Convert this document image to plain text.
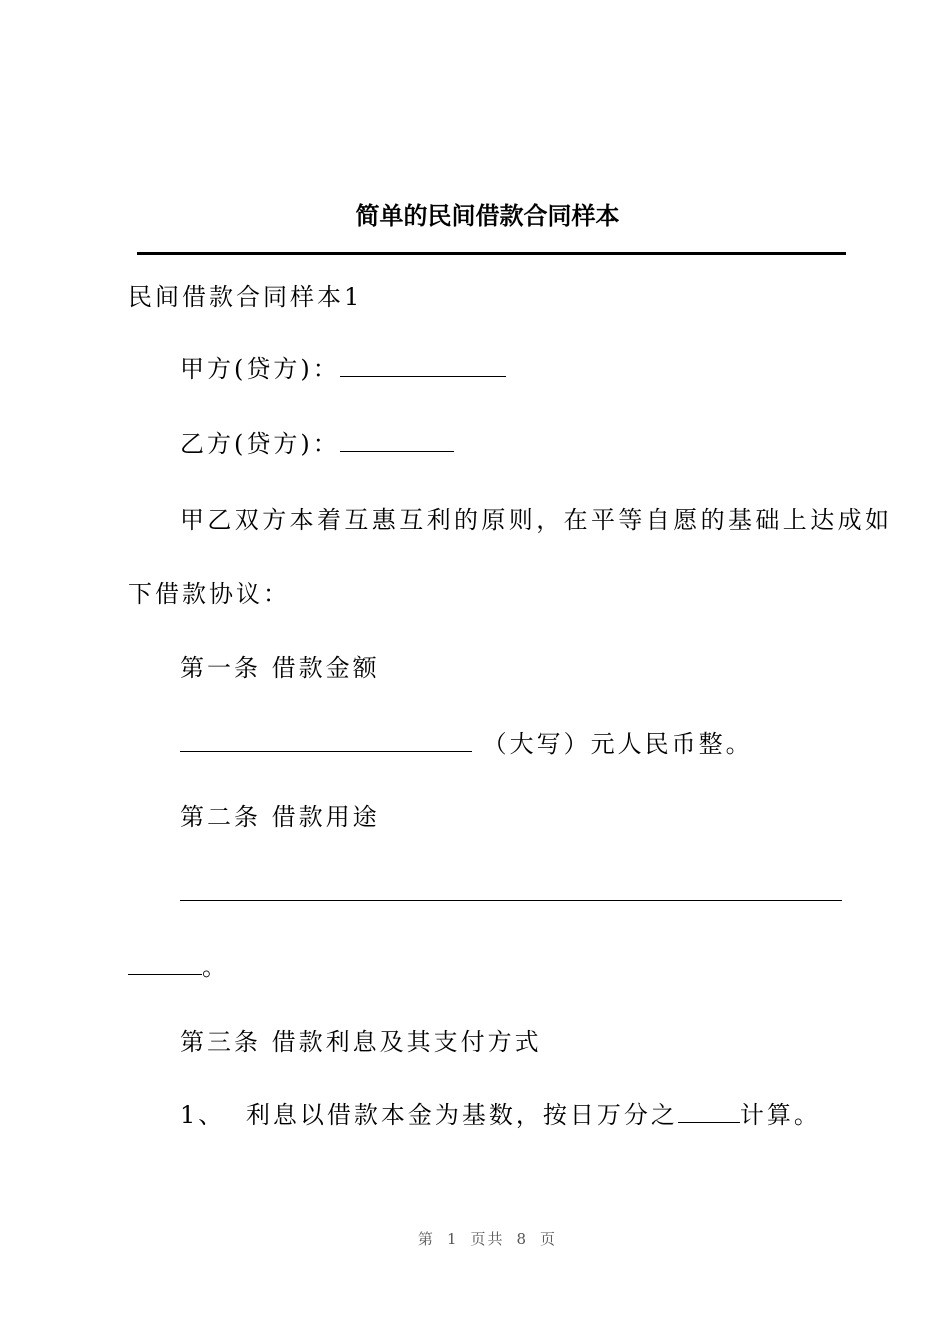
简单的民间借款合同样本
民间借款合同样本1
甲方(贷方)：
乙方(贷方)：
甲乙双方本着互惠互利的原则，在平等自愿的基础上达成如
下借款协议：
第一条 借款金额
（大写）元人民币整。
第二条 借款用途
。
第三条 借款利息及其支付方式
1、 利息以借款本金为基数，按日万分之	计算。
第 1 页共 8 页
